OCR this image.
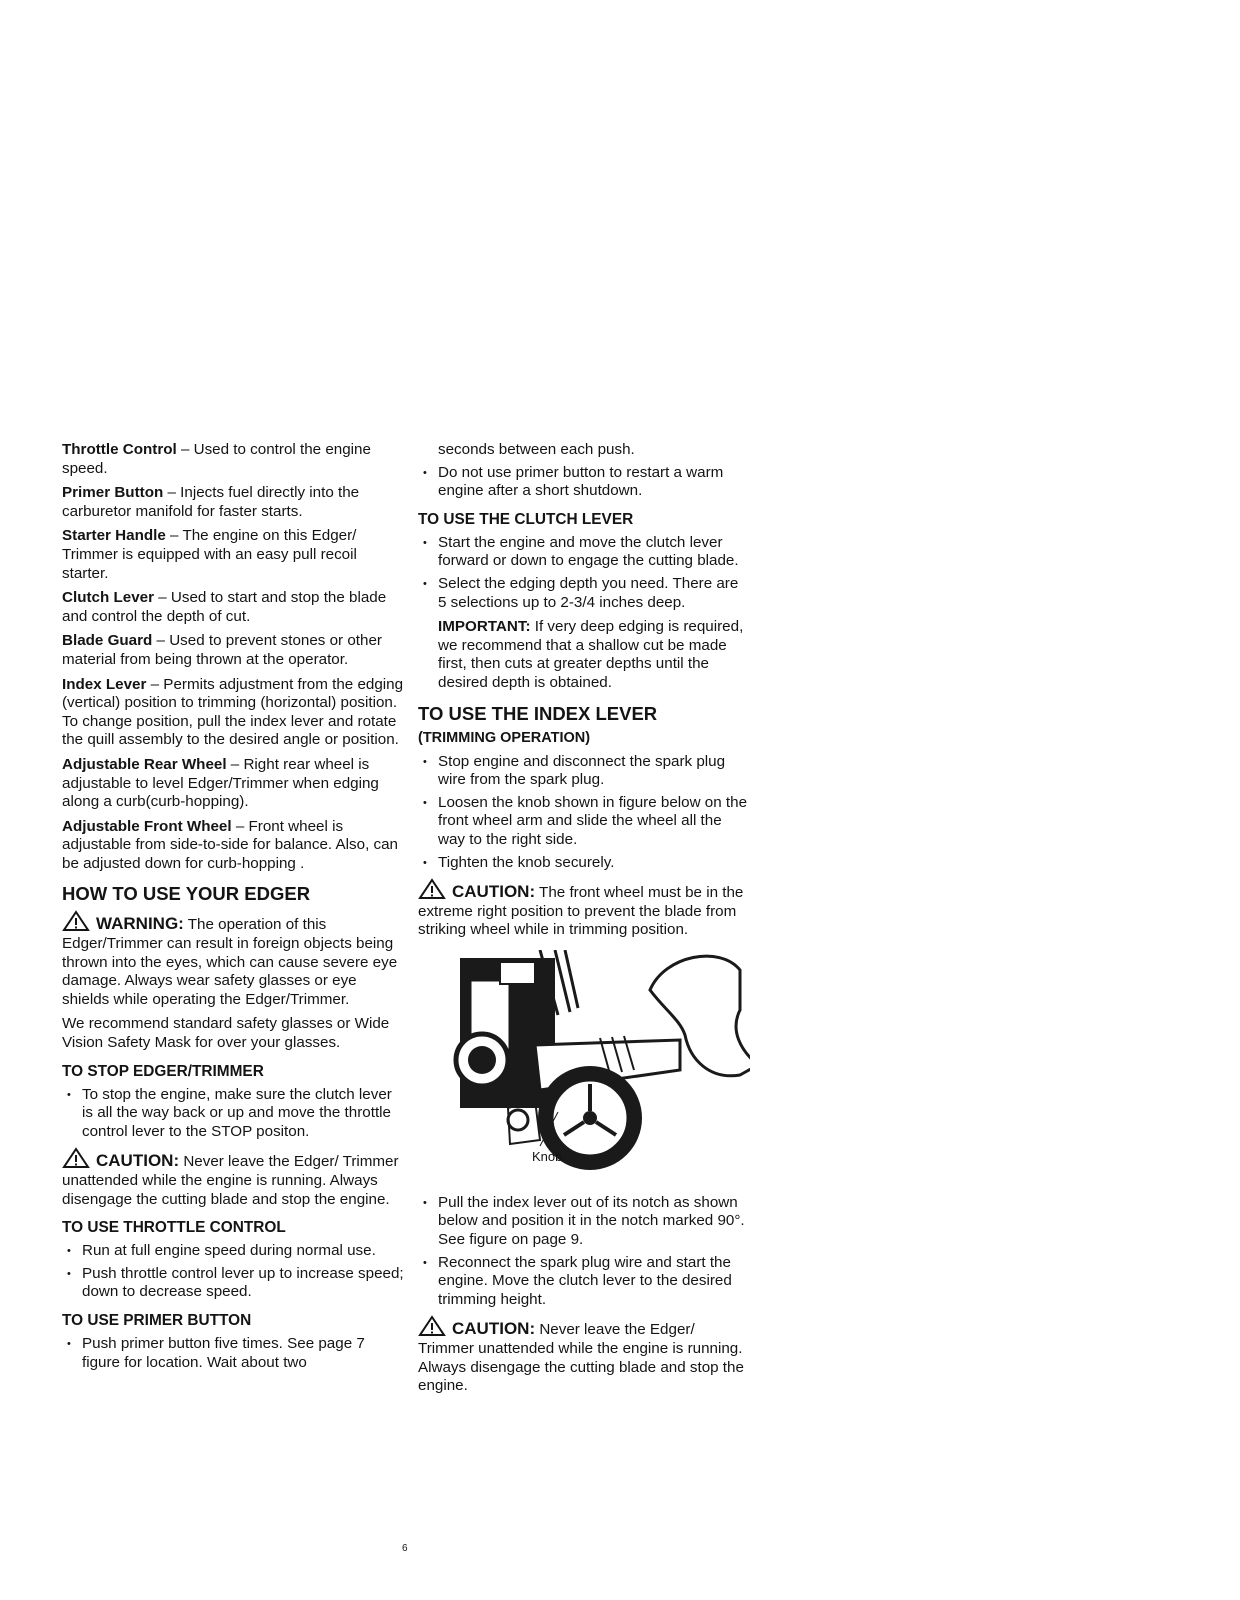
Throttle Control – Used to control the engine speed.

Primer Button – Injects fuel directly into the carburetor manifold for faster starts.

Starter Handle – The engine on this Edger/ Trimmer is equipped with an easy pull recoil starter.

Clutch Lever – Used to start and stop the blade and control the depth of cut.

Blade Guard – Used to prevent stones or other material from being thrown at the operator.

Index Lever – Permits adjustment from the edging (vertical) position to trimming (horizontal) position. To change position, pull the index lever and rotate the quill assembly to the desired angle or position.

Adjustable Rear Wheel – Right rear wheel is adjustable to level Edger/Trimmer when edging along a curb(curb-hopping).

Adjustable Front Wheel – Front wheel is adjustable from side-to-side for balance. Also, can be adjusted down for curb-hopping .

HOW TO USE YOUR EDGER

WARNING: The operation of this Edger/Trimmer can result in foreign objects being thrown into the eyes, which can cause severe eye damage. Always wear safety glasses or eye shields while operating the Edger/Trimmer.

We recommend standard safety glasses or Wide Vision Safety Mask for over your glasses.

TO STOP EDGER/TRIMMER
• To stop the engine, make sure the clutch lever is all the way back or up and move the throttle control lever to the STOP positon.

CAUTION: Never leave the Edger/ Trimmer unattended while the engine is running. Always disengage the cutting blade and stop the engine.

TO USE THROTTLE CONTROL
• Run at full engine speed during normal use.
• Push throttle control lever up to increase speed; down to decrease speed.
TO USE PRIMER BUTTON
• Push primer button five times. See page 7 figure for location. Wait about two

seconds between each push.

• Do not use primer button to restart a warm engine after a short shutdown.
TO USE THE CLUTCH LEVER
• Start the engine and move the clutch lever forward or down to engage the cutting blade.
• Select the edging depth you need. There are 5 selections up to 2-3/4 inches deep.

IMPORTANT: If very deep edging is required, we recommend that a shallow cut be made first, then cuts at greater depths until the desired depth is obtained.

TO USE THE INDEX LEVER
(TRIMMING OPERATION)
• Stop engine and disconnect the spark plug wire from the spark plug.
• Loosen the knob shown in figure below on the front wheel arm and slide the wheel all the way to the right side.
• Tighten the knob securely.

CAUTION: The front wheel must be in the extreme right position to prevent the blade from striking wheel while in trimming position.

Knob
• Pull the index lever out of its notch as shown below and position it in the notch marked 90°. See figure on page 9.
• Reconnect the spark plug wire and start the engine. Move the clutch lever to the desired trimming height.

CAUTION: Never leave the Edger/ Trimmer unattended while the engine is running. Always disengage the cutting blade and stop the engine.

6
